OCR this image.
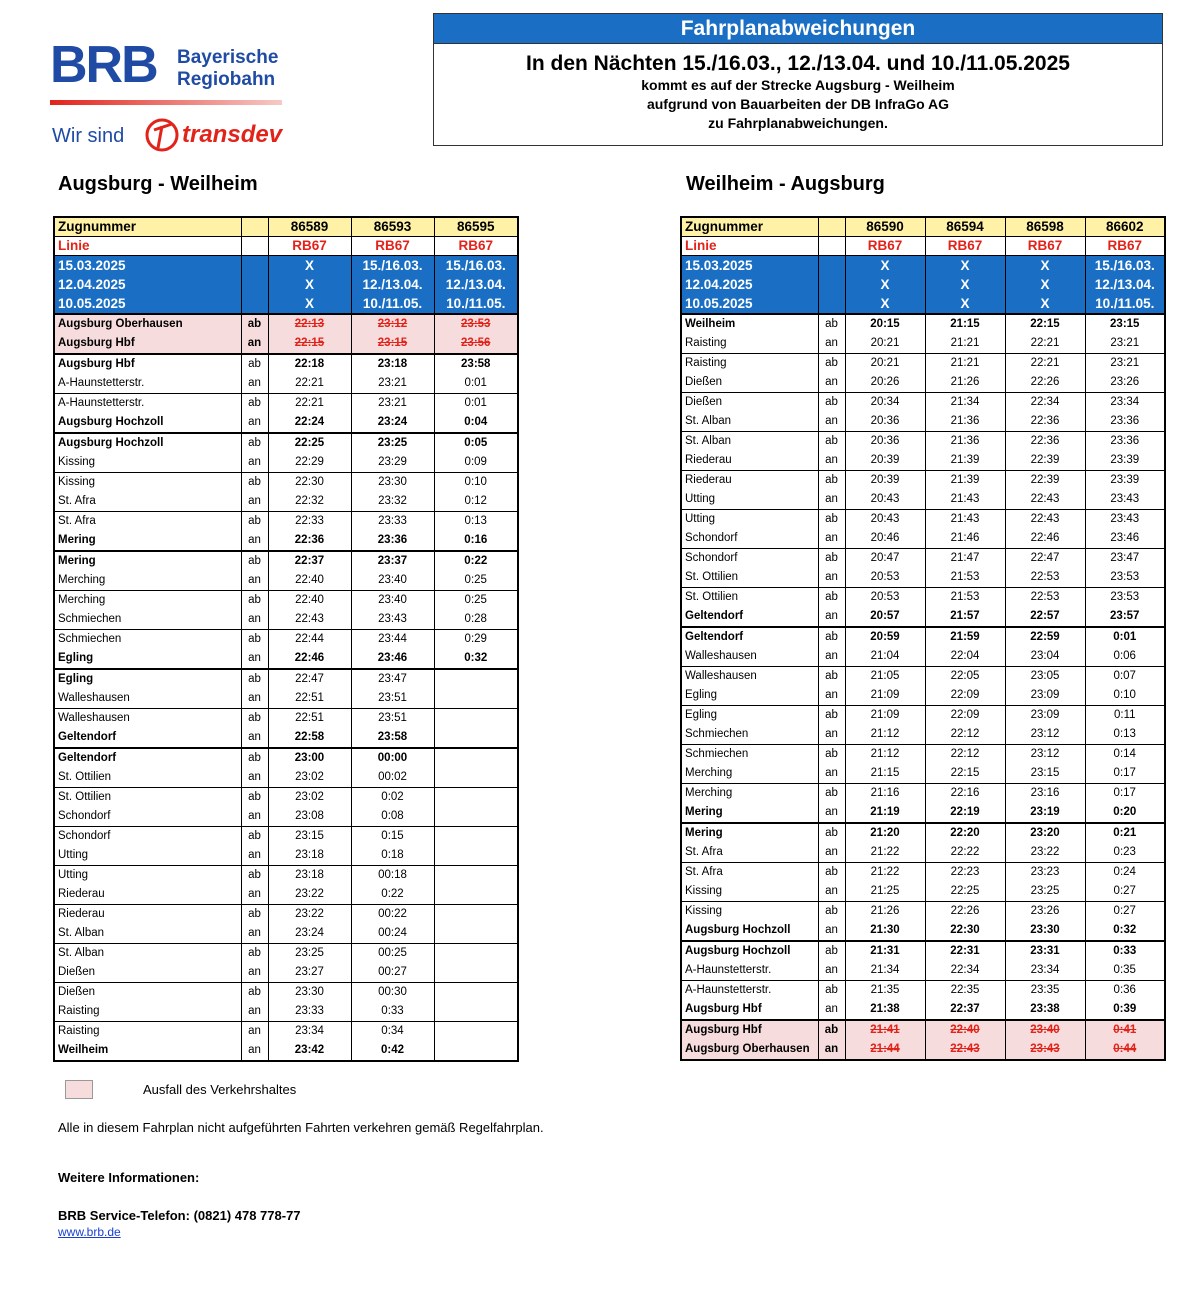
BRB Bayerische
Regiobahn
Wir sind transdev
Fahrplanabweichungen
In den Nächten 15./16.03., 12./13.04. und 10./11.05.2025
kommt es auf der Strecke Augsburg - Weilheim
aufgrund von Bauarbeiten der DB InfraGo AG
zu Fahrplanabweichungen.
Augsburg - Weilheim	Weilheim - Augsburg
Zugnummer		86589	86593	86595
Linie		RB67	RB67	RB67
15.03.2025		X	15./16.03.	15./16.03.
12.04.2025		X	12./13.04.	12./13.04.
10.05.2025		X	10./11.05.	10./11.05.
Augsburg Oberhausen	ab	22:13	23:12	23:53
Augsburg Hbf	an	22:15	23:15	23:56
Augsburg Hbf	ab	22:18	23:18	23:58
A-Haunstetterstr.	an	22:21	23:21	0:01
A-Haunstetterstr.	ab	22:21	23:21	0:01
Augsburg Hochzoll	an	22:24	23:24	0:04
Augsburg Hochzoll	ab	22:25	23:25	0:05
Kissing	an	22:29	23:29	0:09
Kissing	ab	22:30	23:30	0:10
St. Afra	an	22:32	23:32	0:12
St. Afra	ab	22:33	23:33	0:13
Mering	an	22:36	23:36	0:16
Mering	ab	22:37	23:37	0:22
Merching	an	22:40	23:40	0:25
Merching	ab	22:40	23:40	0:25
Schmiechen	an	22:43	23:43	0:28
Schmiechen	ab	22:44	23:44	0:29
Egling	an	22:46	23:46	0:32
Egling	ab	22:47	23:47	
Walleshausen	an	22:51	23:51	
Walleshausen	ab	22:51	23:51	
Geltendorf	an	22:58	23:58	
Geltendorf	ab	23:00	00:00	
St. Ottilien	an	23:02	00:02	
St. Ottilien	ab	23:02	0:02	
Schondorf	an	23:08	0:08	
Schondorf	ab	23:15	0:15	
Utting	an	23:18	0:18	
Utting	ab	23:18	00:18	
Riederau	an	23:22	0:22	
Riederau	ab	23:22	00:22	
St. Alban	an	23:24	00:24	
St. Alban	ab	23:25	00:25	
Dießen	an	23:27	00:27	
Dießen	ab	23:30	00:30	
Raisting	an	23:33	0:33	
Raisting	an	23:34	0:34	
Weilheim	an	23:42	0:42	
Zugnummer		86590	86594	86598	86602
Linie		RB67	RB67	RB67	RB67
15.03.2025		X	X	X	15./16.03.
12.04.2025		X	X	X	12./13.04.
10.05.2025		X	X	X	10./11.05.
Weilheim	ab	20:15	21:15	22:15	23:15
Raisting	an	20:21	21:21	22:21	23:21
Raisting	ab	20:21	21:21	22:21	23:21
Dießen	an	20:26	21:26	22:26	23:26
Dießen	ab	20:34	21:34	22:34	23:34
St. Alban	an	20:36	21:36	22:36	23:36
St. Alban	ab	20:36	21:36	22:36	23:36
Riederau	an	20:39	21:39	22:39	23:39
Riederau	ab	20:39	21:39	22:39	23:39
Utting	an	20:43	21:43	22:43	23:43
Utting	ab	20:43	21:43	22:43	23:43
Schondorf	an	20:46	21:46	22:46	23:46
Schondorf	ab	20:47	21:47	22:47	23:47
St. Ottilien	an	20:53	21:53	22:53	23:53
St. Ottilien	ab	20:53	21:53	22:53	23:53
Geltendorf	an	20:57	21:57	22:57	23:57
Geltendorf	ab	20:59	21:59	22:59	0:01
Walleshausen	an	21:04	22:04	23:04	0:06
Walleshausen	ab	21:05	22:05	23:05	0:07
Egling	an	21:09	22:09	23:09	0:10
Egling	ab	21:09	22:09	23:09	0:11
Schmiechen	an	21:12	22:12	23:12	0:13
Schmiechen	ab	21:12	22:12	23:12	0:14
Merching	an	21:15	22:15	23:15	0:17
Merching	ab	21:16	22:16	23:16	0:17
Mering	an	21:19	22:19	23:19	0:20
Mering	ab	21:20	22:20	23:20	0:21
St. Afra	an	21:22	22:22	23:22	0:23
St. Afra	ab	21:22	22:23	23:23	0:24
Kissing	an	21:25	22:25	23:25	0:27
Kissing	ab	21:26	22:26	23:26	0:27
Augsburg Hochzoll	an	21:30	22:30	23:30	0:32
Augsburg Hochzoll	ab	21:31	22:31	23:31	0:33
A-Haunstetterstr.	an	21:34	22:34	23:34	0:35
A-Haunstetterstr.	ab	21:35	22:35	23:35	0:36
Augsburg Hbf	an	21:38	22:37	23:38	0:39
Augsburg Hbf	ab	21:41	22:40	23:40	0:41
Augsburg Oberhausen	an	21:44	22:43	23:43	0:44
Ausfall des Verkehrshaltes
Alle in diesem Fahrplan nicht aufgeführten Fahrten verkehren gemäß Regelfahrplan.
Weitere Informationen:
BRB Service-Telefon: (0821) 478 778-77
www.brb.de
